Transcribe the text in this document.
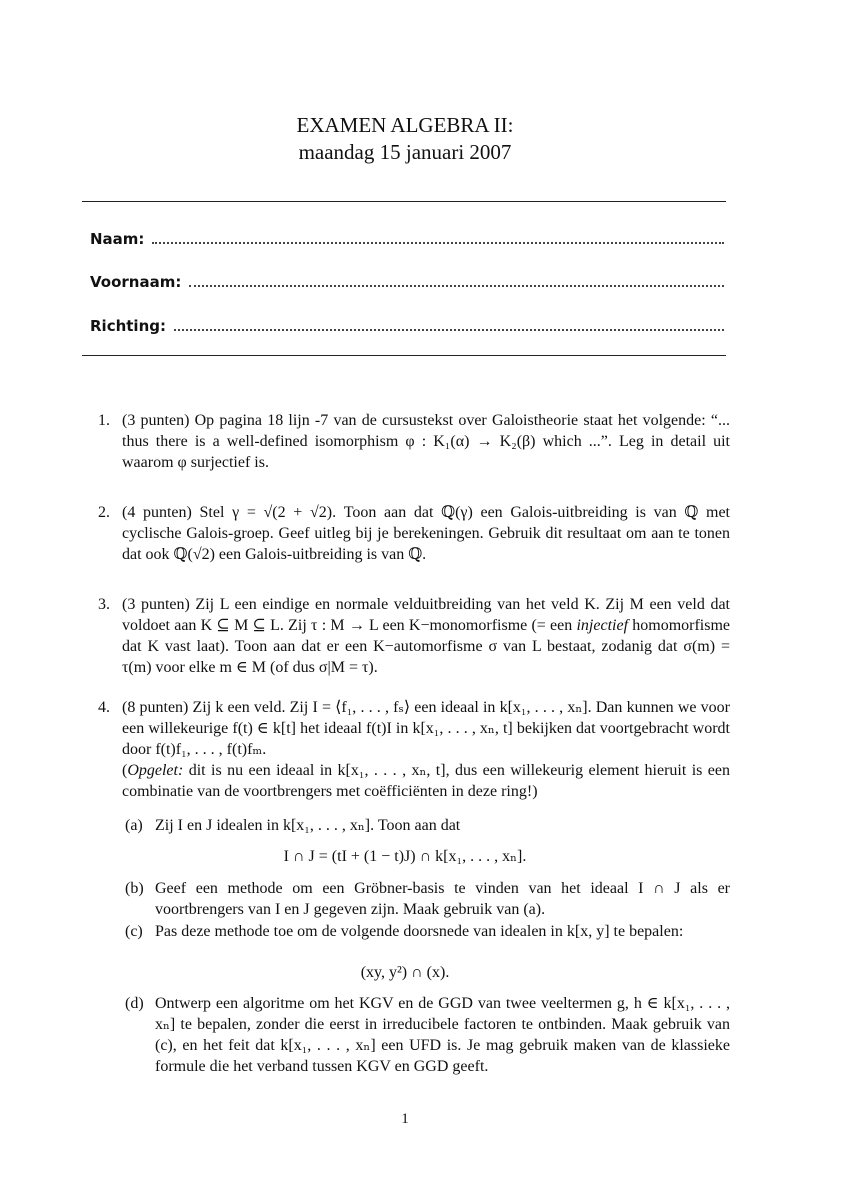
EXAMEN ALGEBRA II:
maandag 15 januari 2007
Naam:
Voornaam:
Richting:
1. (3 punten) Op pagina 18 lijn -7 van de cursustekst over Galoistheorie staat het volgende: “... thus there is a well-defined isomorphism φ : K₁(α) → K₂(β) which ...”. Leg in detail uit waarom φ surjectief is.

2. (4 punten) Stel γ = √(2 + √2). Toon aan dat ℚ(γ) een Galois-uitbreiding is van ℚ met cyclische Galois-groep. Geef uitleg bij je berekeningen. Gebruik dit resultaat om aan te tonen dat ook ℚ(√2) een Galois-uitbreiding is van ℚ.

3. (3 punten) Zij L een eindige en normale velduitbreiding van het veld K. Zij M een veld dat voldoet aan K ⊆ M ⊆ L. Zij τ : M → L een K−monomorfisme (= een injectief homomorfisme dat K vast laat). Toon aan dat er een K−automorfisme σ van L bestaat, zodanig dat σ(m) = τ(m) voor elke m ∈ M (of dus σ|M = τ).

4. (8 punten) Zij k een veld. Zij I = ⟨f₁, . . . , fₛ⟩ een ideaal in k[x₁, . . . , xₙ]. Dan kunnen we voor een willekeurige f(t) ∈ k[t] het ideaal f(t)I in k[x₁, . . . , xₙ, t] bekijken dat voortgebracht wordt door f(t)f₁, . . . , f(t)fₘ.

(Opgelet: dit is nu een ideaal in k[x₁, . . . , xₙ, t], dus een willekeurig element hieruit is een combinatie van de voortbrengers met coëfficiënten in deze ring!)

(a) Zij I en J idealen in k[x₁, . . . , xₙ]. Toon aan dat

I ∩ J = (tI + (1 − t)J) ∩ k[x₁, . . . , xₙ].
(b) Geef een methode om een Gröbner-basis te vinden van het ideaal I ∩ J als er voortbrengers van I en J gegeven zijn. Maak gebruik van (a).

(c) Pas deze methode toe om de volgende doorsnede van idealen in k[x, y] te bepalen:

(xy, y²) ∩ (x).
(d) Ontwerp een algoritme om het KGV en de GGD van twee veeltermen g, h ∈ k[x₁, . . . , xₙ] te bepalen, zonder die eerst in irreducibele factoren te ontbinden. Maak gebruik van (c), en het feit dat k[x₁, . . . , xₙ] een UFD is. Je mag gebruik maken van de klassieke formule die het verband tussen KGV en GGD geeft.

1
